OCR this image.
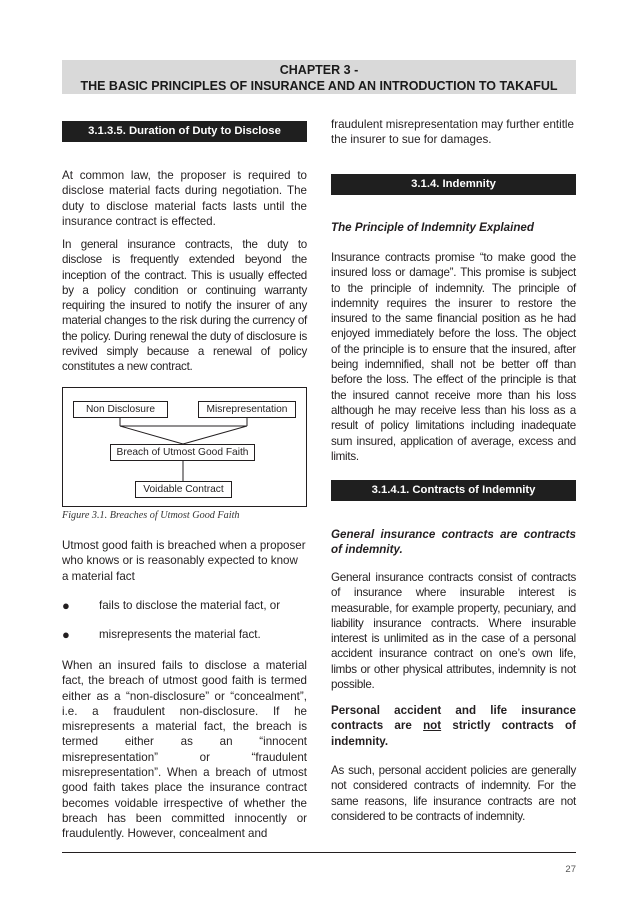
CHAPTER 3 -
THE BASIC PRINCIPLES OF INSURANCE AND AN INTRODUCTION TO TAKAFUL
3.1.3.5. Duration of Duty to Disclose

At common law, the proposer is required to disclose material facts during negotiation. The duty to disclose material facts lasts until the insurance contract is effected.

In general insurance contracts, the duty to disclose is frequently extended beyond the inception of the contract. This is usually effected by a policy condition or continuing warranty requiring the insured to notify the insurer of any material changes to the risk during the currency of the policy. During renewal the duty of disclosure is revived simply because a renewal of policy constitutes a new contract.

Non Disclosure	Misrepresentation
Breach of Utmost Good Faith
Voidable Contract
Figure 3.1. Breaches of Utmost Good Faith

Utmost good faith is breached when a proposer who knows or is reasonably expected to know a material fact

●	fails to disclose the material fact, or
●	misrepresents the material fact.

When an insured fails to disclose a material fact, the breach of utmost good faith is termed either as a “non-disclosure” or “concealment”, i.e. a fraudulent non-disclosure. If he misrepresents a material fact, the breach is termed either as an “innocent misrepresentation” or “fraudulent misrepresentation”. When a breach of utmost good faith takes place the insurance contract becomes voidable irrespective of whether the breach has been committed innocently or fraudulently. However, concealment and

fraudulent misrepresentation may further entitle the insurer to sue for damages.

3.1.4. Indemnity
The Principle of Indemnity Explained

Insurance contracts promise “to make good the insured loss or damage”. This promise is subject to the principle of indemnity. The principle of indemnity requires the insurer to restore the insured to the same financial position as he had enjoyed immediately before the loss. The object of the principle is to ensure that the insured, after being indemnified, shall not be better off than before the loss. The effect of the principle is that the insured cannot receive more than his loss although he may receive less than his loss as a result of policy limitations including inadequate sum insured, application of average, excess and limits.

3.1.4.1. Contracts of Indemnity
General insurance contracts are contracts of indemnity.

General insurance contracts consist of contracts of insurance where insurable interest is measurable, for example property, pecuniary, and liability insurance contracts. Where insurable interest is unlimited as in the case of a personal accident insurance contract on one’s own life, limbs or other physical attributes, indemnity is not possible.

Personal accident and life insurance contracts are not strictly contracts of indemnity.

As such, personal accident policies are generally not considered contracts of indemnity. For the same reasons, life insurance contracts are not considered to be contracts of indemnity.

27
